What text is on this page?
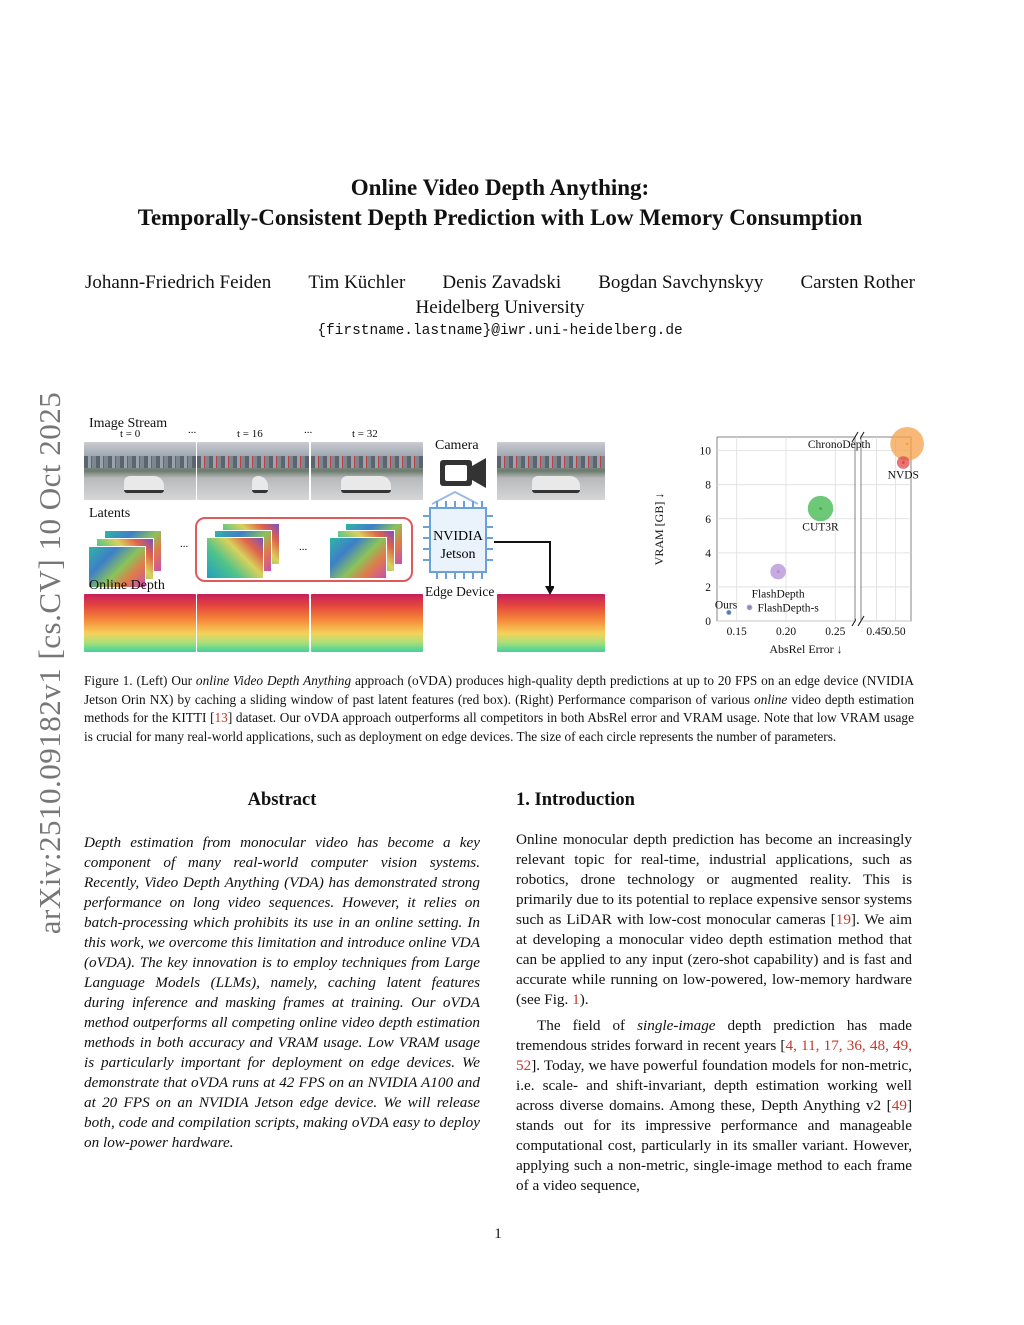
arXiv:2510.09182v1 [cs.CV] 10 Oct 2025
Online Video Depth Anything:
Temporally-Consistent Depth Prediction with Low Memory Consumption
Johann-Friedrich Feiden Tim Küchler Denis Zavadski Bogdan Savchynskyy Carsten Rother
Heidelberg University
{firstname.lastname}@iwr.uni-heidelberg.de
Image Stream
t = 0	t = 16	t = 32
...	...
Latents
...	...
Online Depth
Camera
NVIDIA
Jetson
Edge Device
0
2
4
6
8
10
0.15	0.20	0.25 0.45 0.50
Ours FlashDepth-s
FlashDepth
CUT3R
ChronoDepth
NVDS
AbsRel Error ↓
VRAM [GB] ↓
Figure 1. (Left) Our online Video Depth Anything approach (oVDA) produces high-quality depth predictions at up to 20 FPS on an edge device (NVIDIA Jetson Orin NX) by caching a sliding window of past latent features (red box). (Right) Performance comparison of various online video depth estimation methods for the KITTI [13] dataset. Our oVDA approach outperforms all competitors in both AbsRel error and VRAM usage. Note that low VRAM usage is crucial for many real-world applications, such as deployment on edge devices. The size of each circle represents the number of parameters.
Abstract
Depth estimation from monocular video has become a key component of many real-world computer vision systems. Recently, Video Depth Anything (VDA) has demonstrated strong performance on long video sequences. However, it relies on batch-processing which prohibits its use in an online setting. In this work, we overcome this limitation and introduce online VDA (oVDA). The key innovation is to employ techniques from Large Language Models (LLMs), namely, caching latent features during inference and masking frames at training. Our oVDA method outperforms all competing online video depth estimation methods in both accuracy and VRAM usage. Low VRAM usage is particularly important for deployment on edge devices. We demonstrate that oVDA runs at 42 FPS on an NVIDIA A100 and at 20 FPS on an NVIDIA Jetson edge device. We will release both, code and compilation scripts, making oVDA easy to deploy on low-power hardware.
1. Introduction
Online monocular depth prediction has become an increasingly relevant topic for real-time, industrial applications, such as robotics, drone technology or augmented reality. This is primarily due to its potential to replace expensive sensor systems such as LiDAR with low-cost monocular cameras [19]. We aim at developing a monocular video depth estimation method that can be applied to any input (zero-shot capability) and is fast and accurate while running on low-powered, low-memory hardware (see Fig. 1).
The field of single-image depth prediction has made tremendous strides forward in recent years [4, 11, 17, 36, 48, 49, 52]. Today, we have powerful foundation models for non-metric, i.e. scale- and shift-invariant, depth estimation working well across diverse domains. Among these, Depth Anything v2 [49] stands out for its impressive performance and manageable computational cost, particularly in its smaller variant. However, applying such a non-metric, single-image method to each frame of a video sequence,
1
